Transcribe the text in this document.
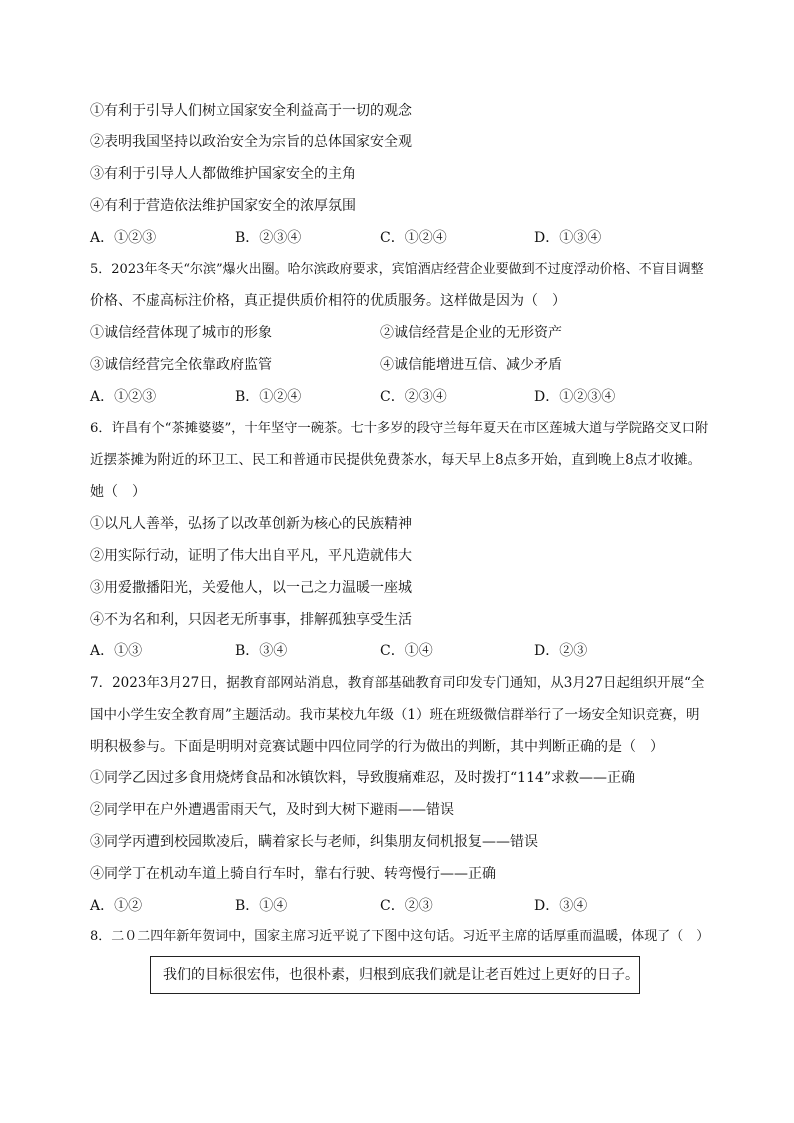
①有利于引导人们树立国家安全利益高于一切的观念
②表明我国坚持以政治安全为宗旨的总体国家安全观
③有利于引导人人都做维护国家安全的主角
④有利于营造依法维护国家安全的浓厚氛围
A．①②③	B．②③④	C．①②④	D．①③④
5．2023年冬天“尔滨”爆火出圈。哈尔滨政府要求，宾馆酒店经营企业要做到不过度浮动价格、不盲目调整
价格、不虚高标注价格，真正提供质价相符的优质服务。这样做是因为（　）
①诚信经营体现了城市的形象	②诚信经营是企业的无形资产
③诚信经营完全依靠政府监管	④诚信能增进互信、减少矛盾
A．①②③	B．①②④	C．②③④	D．①②③④
6．许昌有个“茶摊婆婆”，十年坚守一碗茶。七十多岁的段守兰每年夏天在市区莲城大道与学院路交叉口附
近摆茶摊为附近的环卫工、民工和普通市民提供免费茶水，每天早上8点多开始，直到晚上8点才收摊。
她（　）
①以凡人善举，弘扬了以改革创新为核心的民族精神
②用实际行动，证明了伟大出自平凡，平凡造就伟大
③用爱撒播阳光，关爱他人，以一己之力温暖一座城
④不为名和利，只因老无所事事，排解孤独享受生活
A．①③	B．③④	C．①④	D．②③
7．2023年3月27日，据教育部网站消息，教育部基础教育司印发专门通知，从3月27日起组织开展“全
国中小学生安全教育周”主题活动。我市某校九年级（1）班在班级微信群举行了一场安全知识竞赛，明
明积极参与。下面是明明对竞赛试题中四位同学的行为做出的判断，其中判断正确的是（　）
①同学乙因过多食用烧烤食品和冰镇饮料，导致腹痛难忍，及时拨打“114”求救——正确
②同学甲在户外遭遇雷雨天气，及时到大树下避雨——错误
③同学丙遭到校园欺凌后，瞒着家长与老师，纠集朋友伺机报复——错误
④同学丁在机动车道上骑自行车时，靠右行驶、转弯慢行——正确
A．①②	B．①④	C．②③	D．③④
8．二０二四年新年贺词中，国家主席习近平说了下图中这句话。习近平主席的话厚重而温暖，体现了（　）
我们的目标很宏伟，也很朴素，归根到底我们就是让老百姓过上更好的日子。
